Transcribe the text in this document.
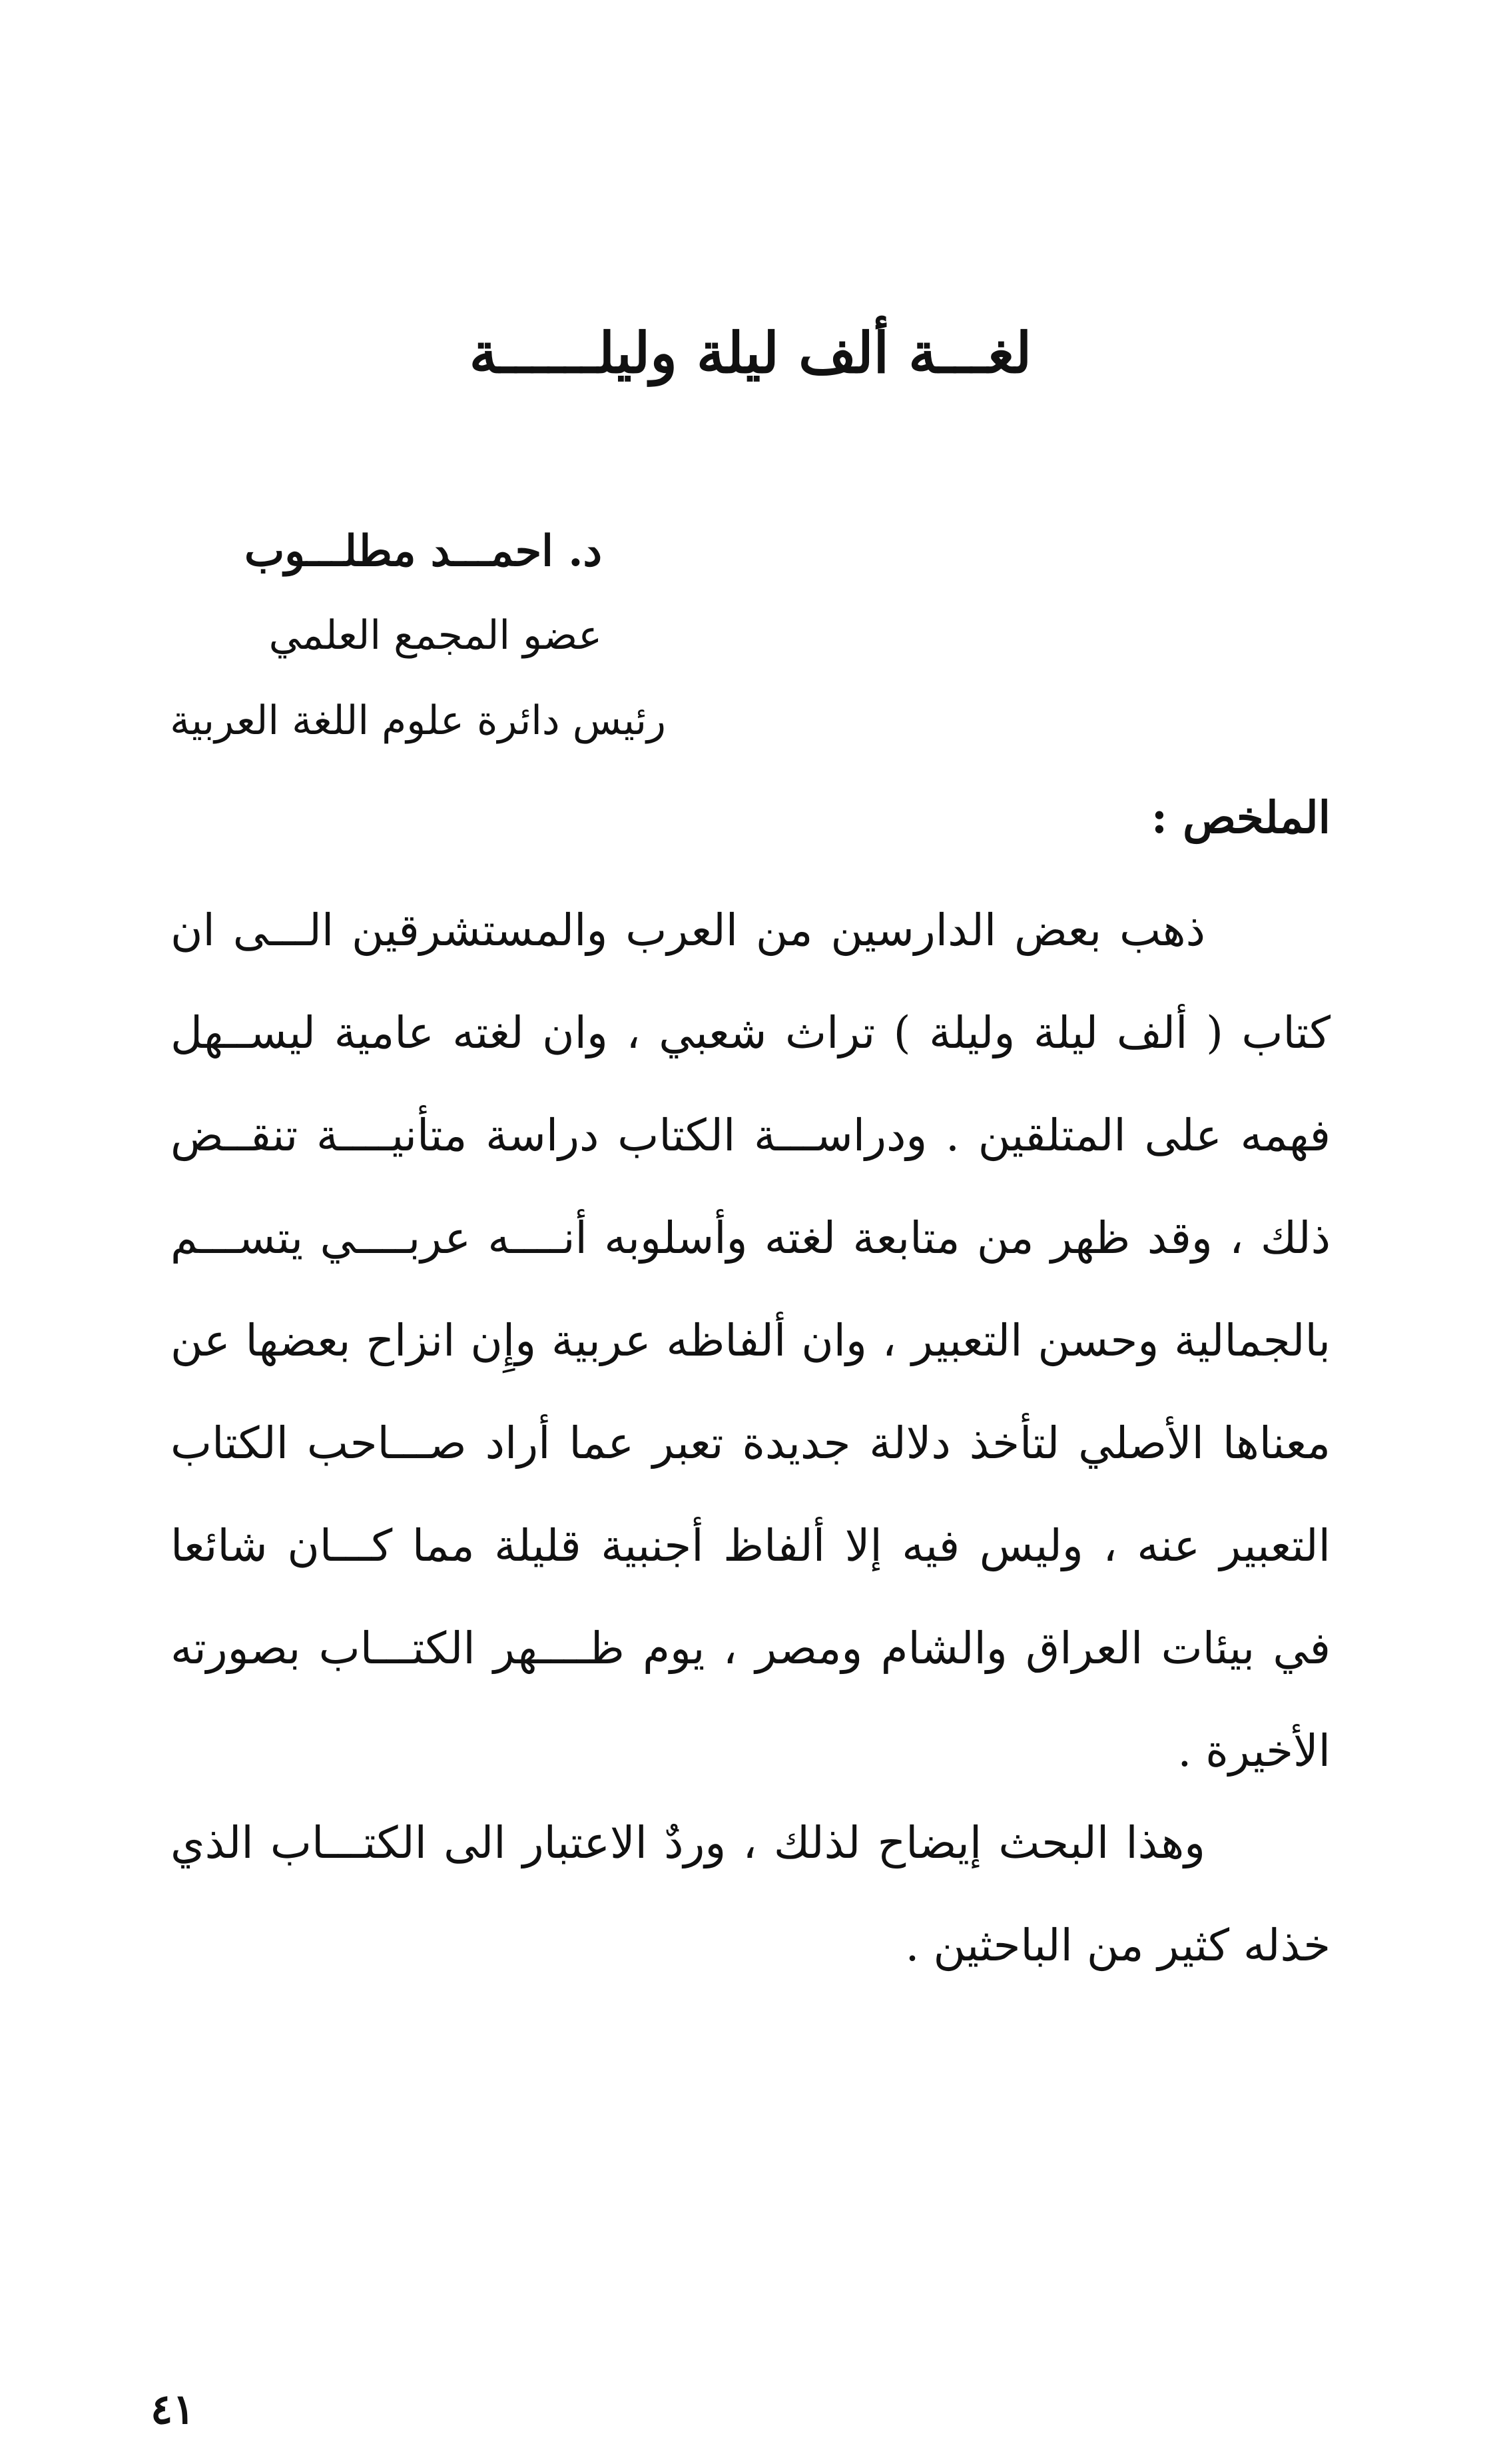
لغـــة ألف ليلة وليلــــــة
د. احمـــد مطلـــوب
عضو المجمع العلمي
رئيس دائرة علوم اللغة العربية
الملخص :

ذهب بعض الدارسين من العرب والمستشرقين الـــى ان كتاب ( ألف ليلة وليلة ) تراث شعبي ، وان لغته عامية ليســهل فهمه على المتلقين . ودراســـة الكتاب دراسة متأنيــــة تنقــض ذلك ، وقد ظهر من متابعة لغته وأسلوبه أنــــه عربــــي يتســـم بالجمالية وحسن التعبير ، وان ألفاظه عربية وإِن انزاح بعضها عن معناها الأصلي لتأخذ دلالة جديدة تعبر عما أراد صـــاحب الكتاب التعبير عنه ، وليس فيه إلا ألفاظ أجنبية قليلة مما كـــان شائعا في بيئات العراق والشام ومصر ، يوم ظــــهر الكتـــاب بصورته الأخيرة .

وهذا البحث إيضاح لذلك ، وردٌ الاعتبار الى الكتـــاب الذي خذله كثير من الباحثين .

٤١
